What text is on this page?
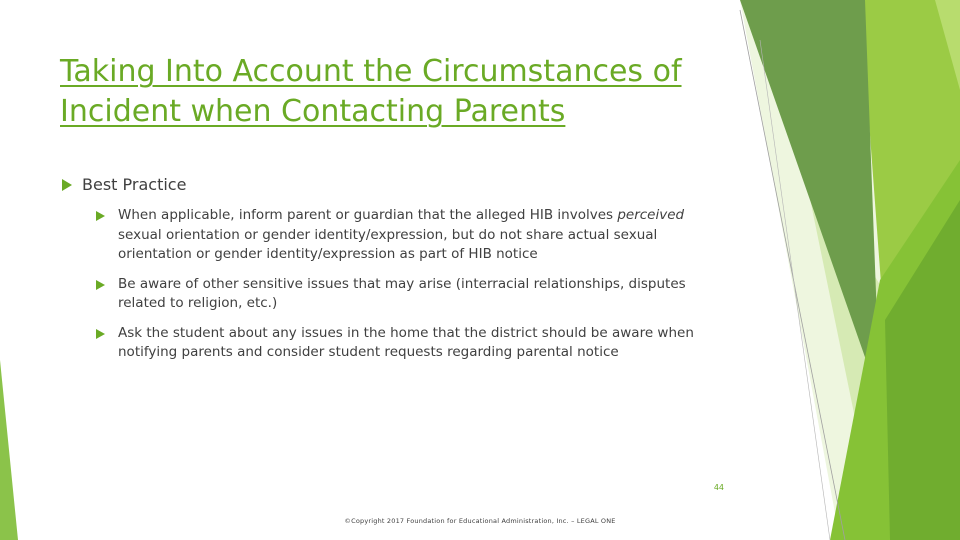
Taking Into Account the Circumstances of Incident when Contacting Parents
Best Practice
When applicable, inform parent or guardian that the alleged HIB involves perceived sexual orientation or gender identity/expression, but do not share actual sexual orientation or gender identity/expression as part of HIB notice
Be aware of other sensitive issues that may arise (interracial relationships, disputes related to religion, etc.)
Ask the student about any issues in the home that the district should be aware when notifying parents and consider student requests regarding parental notice
44
©Copyright 2017 Foundation for Educational Administration, Inc. – LEGAL ONE
